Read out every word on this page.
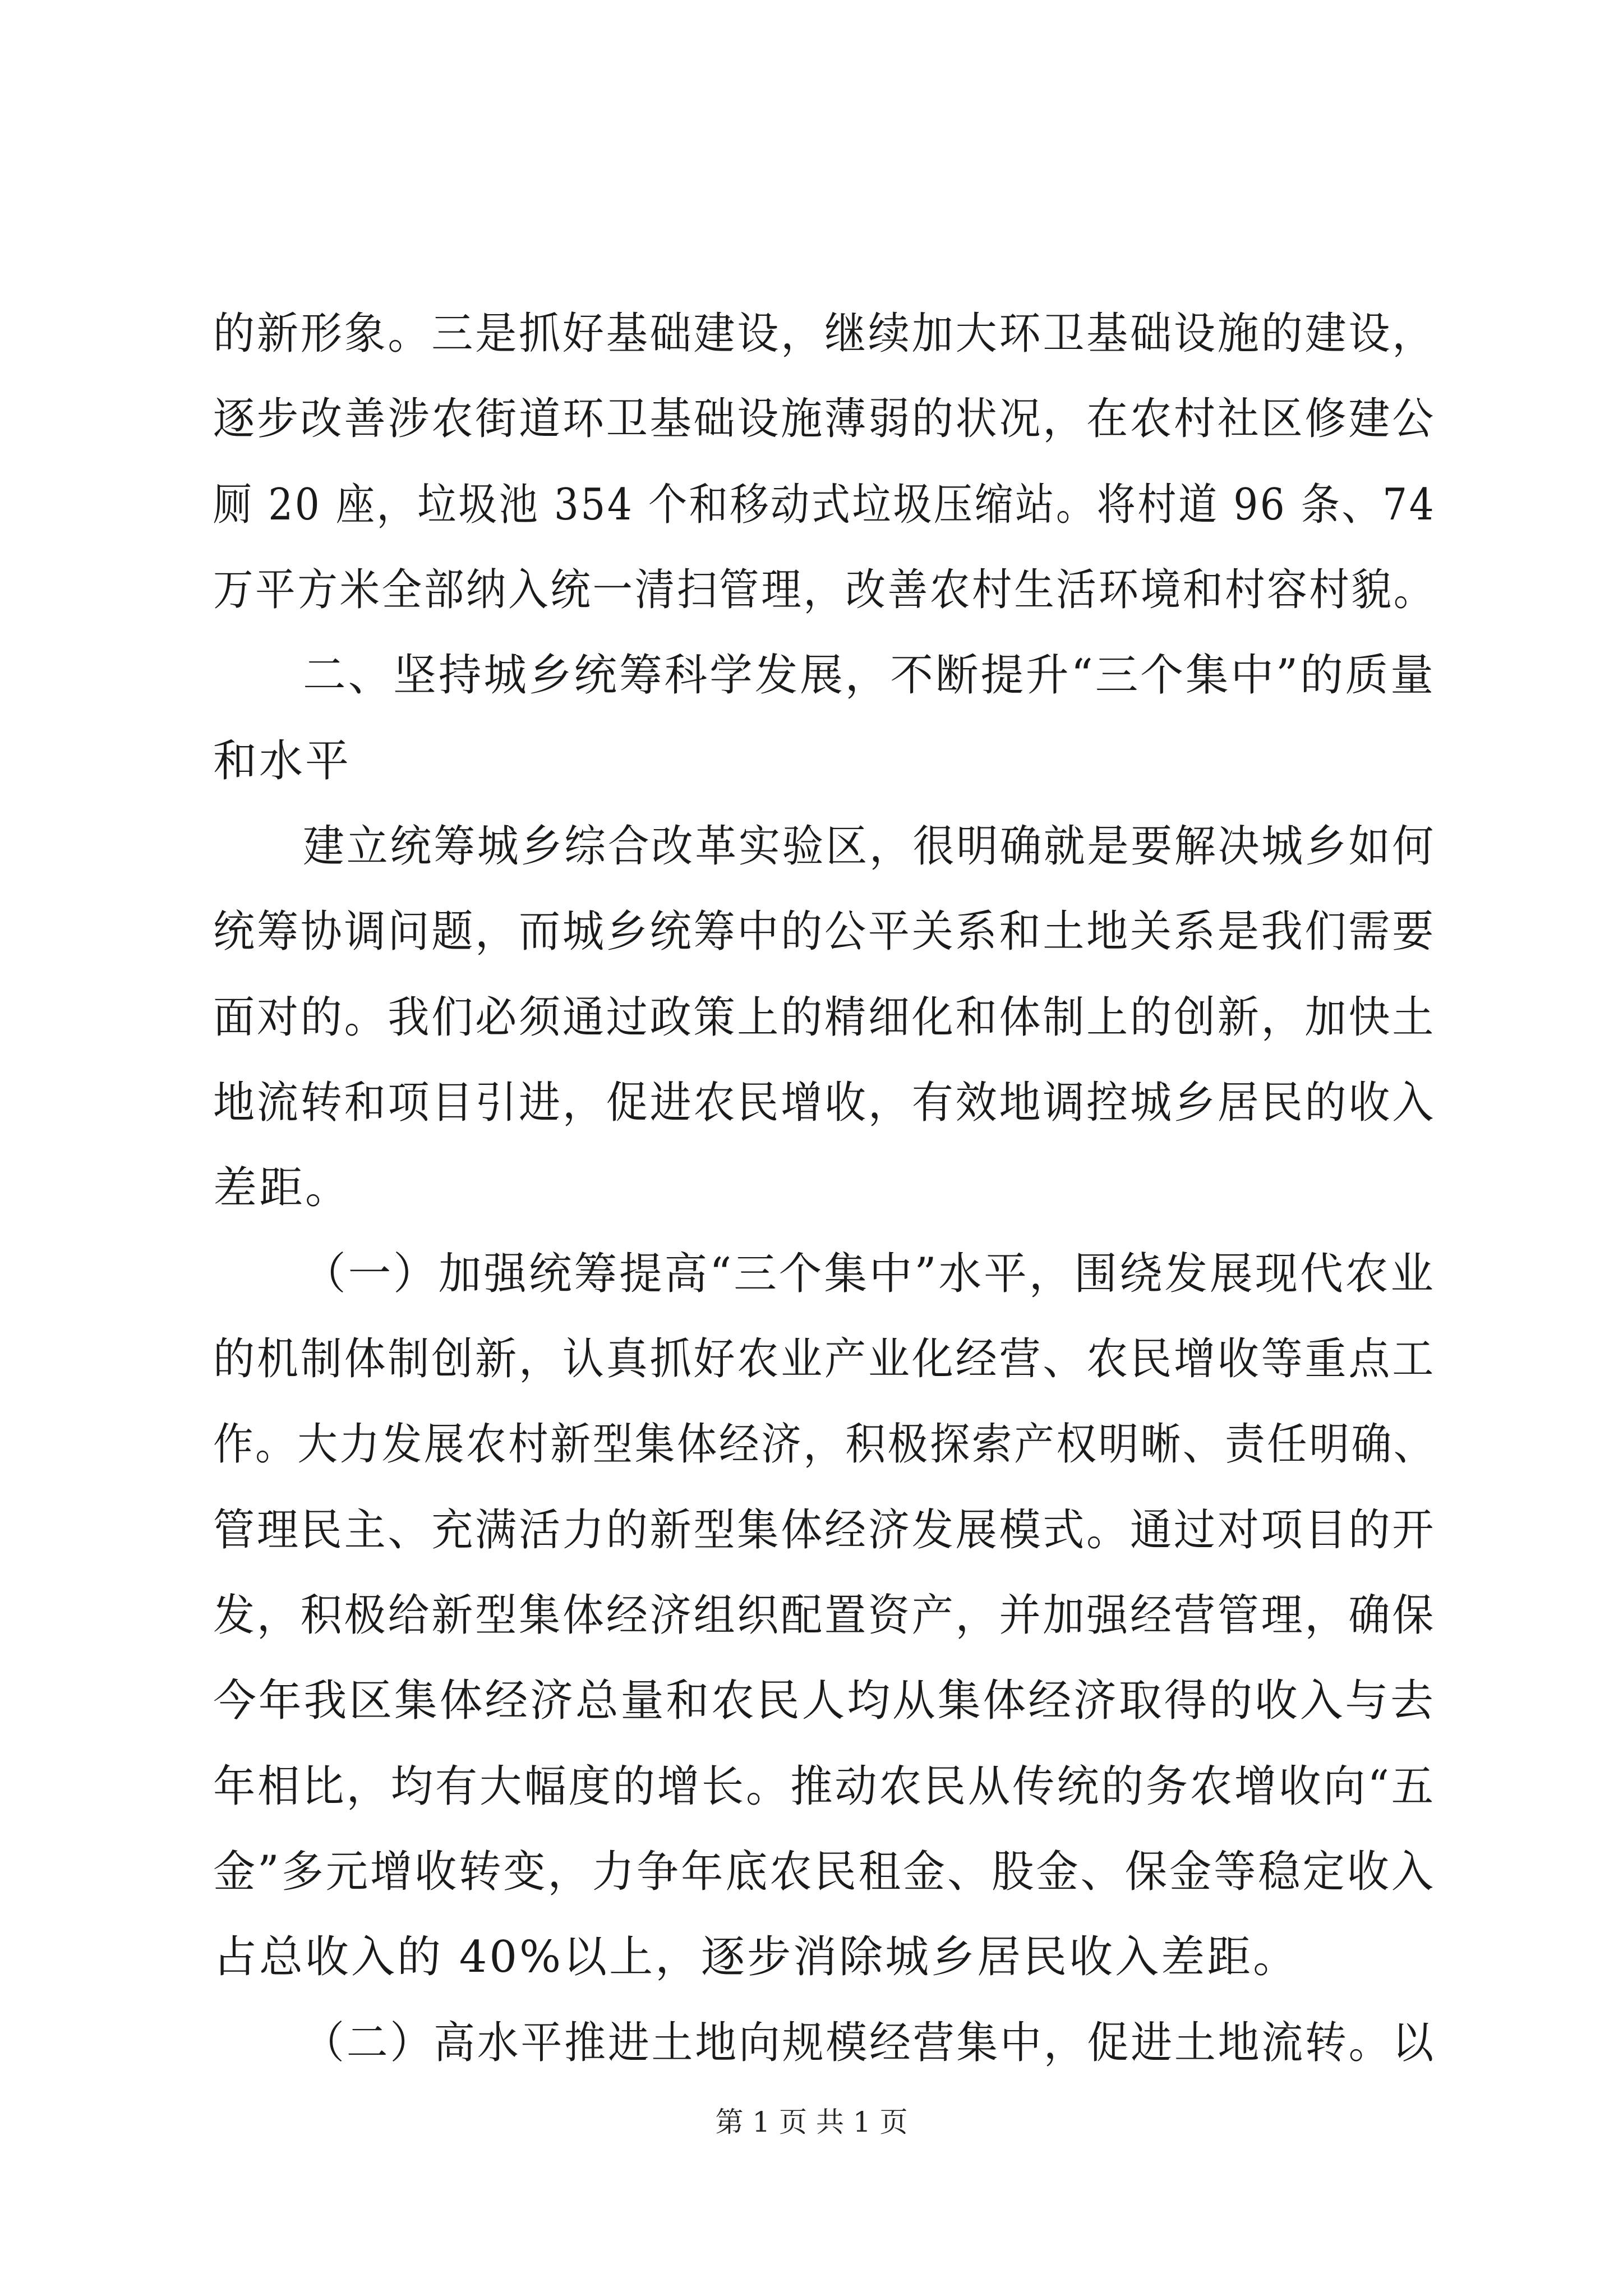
的新形象。三是抓好基础建设，继续加大环卫基础设施的建设，
逐步改善涉农街道环卫基础设施薄弱的状况，在农村社区修建公
厕 20 座，垃圾池 354 个和移动式垃圾压缩站。将村道 96 条、74
万平方米全部纳入统一清扫管理，改善农村生活环境和村容村貌。
二、坚持城乡统筹科学发展，不断提升“三个集中”的质量
和水平
建立统筹城乡综合改革实验区，很明确就是要解决城乡如何
统筹协调问题，而城乡统筹中的公平关系和土地关系是我们需要
面对的。我们必须通过政策上的精细化和体制上的创新，加快土
地流转和项目引进，促进农民增收，有效地调控城乡居民的收入
差距。
（一）加强统筹提高“三个集中”水平，围绕发展现代农业
的机制体制创新，认真抓好农业产业化经营、农民增收等重点工
作。大力发展农村新型集体经济，积极探索产权明晰、责任明确、
管理民主、充满活力的新型集体经济发展模式。通过对项目的开
发，积极给新型集体经济组织配置资产，并加强经营管理，确保
今年我区集体经济总量和农民人均从集体经济取得的收入与去
年相比，均有大幅度的增长。推动农民从传统的务农增收向“五
金”多元增收转变，力争年底农民租金、股金、保金等稳定收入
占总收入的 40%以上，逐步消除城乡居民收入差距。
（二）高水平推进土地向规模经营集中，促进土地流转。以
第 1 页 共 1 页
